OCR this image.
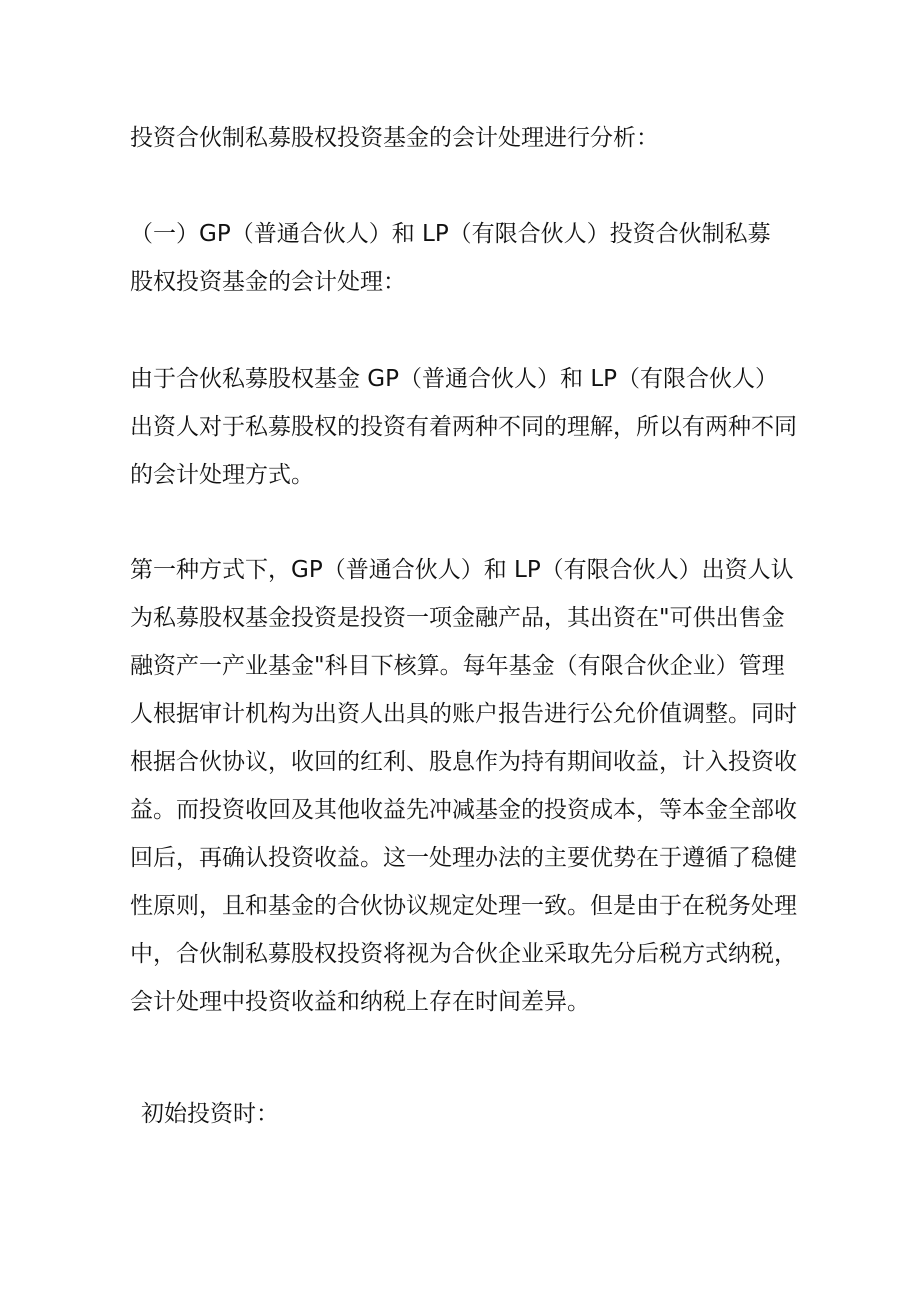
投资合伙制私募股权投资基金的会计处理进行分析：

（一）GP（普通合伙人）和 LP（有限合伙人）投资合伙制私募
股权投资基金的会计处理：

由于合伙私募股权基金 GP（普通合伙人）和 LP（有限合伙人）
出资人对于私募股权的投资有着两种不同的理解，所以有两种不同
的会计处理方式。

第一种方式下，GP（普通合伙人）和 LP（有限合伙人）出资人认
为私募股权基金投资是投资一项金融产品，其出资在"可供出售金
融资产一产业基金"科目下核算。每年基金（有限合伙企业）管理
人根据审计机构为出资人出具的账户报告进行公允价值调整。同时
根据合伙协议，收回的红利、股息作为持有期间收益，计入投资收
益。而投资收回及其他收益先冲减基金的投资成本，等本金全部收
回后，再确认投资收益。这一处理办法的主要优势在于遵循了稳健
性原则，且和基金的合伙协议规定处理一致。但是由于在税务处理
中，合伙制私募股权投资将视为合伙企业采取先分后税方式纳税，
会计处理中投资收益和纳税上存在时间差异。

初始投资时：
